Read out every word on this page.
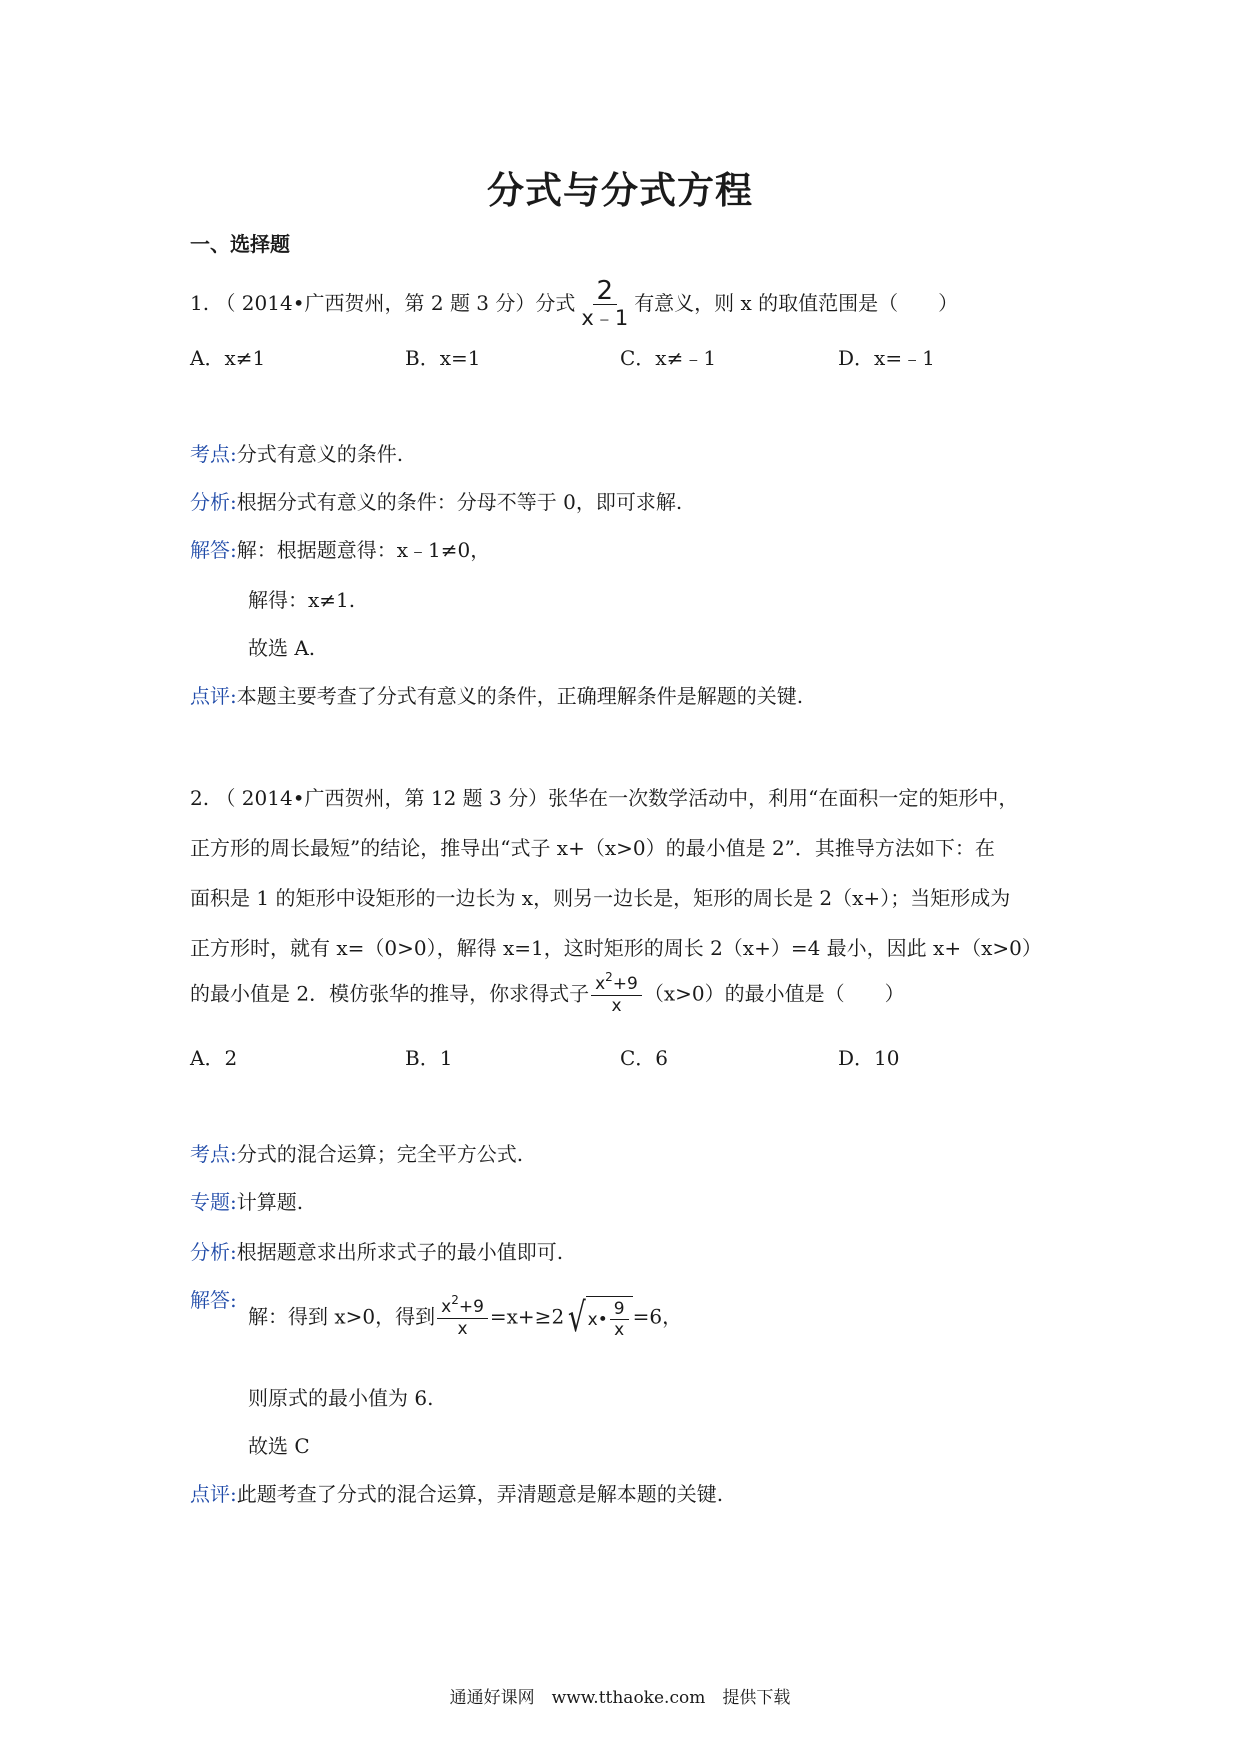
分式与分式方程
一、选择题
1. （ 2014•广西贺州，第 2 题 3 分）分式 $\frac{2}{x﹣1}$ 有意义，则 x 的取值范围是（　　）
A．x≠1	B．x=1	C．x≠﹣1	D．x=﹣1
考点:分式有意义的条件.
分析:根据分式有意义的条件：分母不等于 0，即可求解.
解答:解：根据题意得：x﹣1≠0，
解得：x≠1.
故选 A.
点评:本题主要考查了分式有意义的条件，正确理解条件是解题的关键.
2. （ 2014•广西贺州，第 12 题 3 分）张华在一次数学活动中，利用“在面积一定的矩形中，
正方形的周长最短”的结论，推导出“式子 x+（x>0）的最小值是 2”．其推导方法如下：在
面积是 1 的矩形中设矩形的一边长为 x，则另一边长是，矩形的周长是 2（x+）；当矩形成为
正方形时，就有 x=（0>0），解得 x=1，这时矩形的周长 2（x+）=4 最小，因此 x+（x>0）
的最小值是 2．模仿张华的推导，你求得式子 $\frac{x^2+9}{x} (x>0)$的最小值是（　　）
A．2	B．1	C．6	D．10
考点:分式的混合运算；完全平方公式.
专题:计算题.
分析:根据题意求出所求式子的最小值即可.
解答:
解：得到 x>0，得到 $\frac{x^2+9}{x} =x+\ge 2$ √ x • $\frac{9}{x} =6$，
则原式的最小值为 6.
故选 C
点评:此题考查了分式的混合运算，弄清题意是解本题的关键.
通通好课网　www.tthaoke.com　提供下载
